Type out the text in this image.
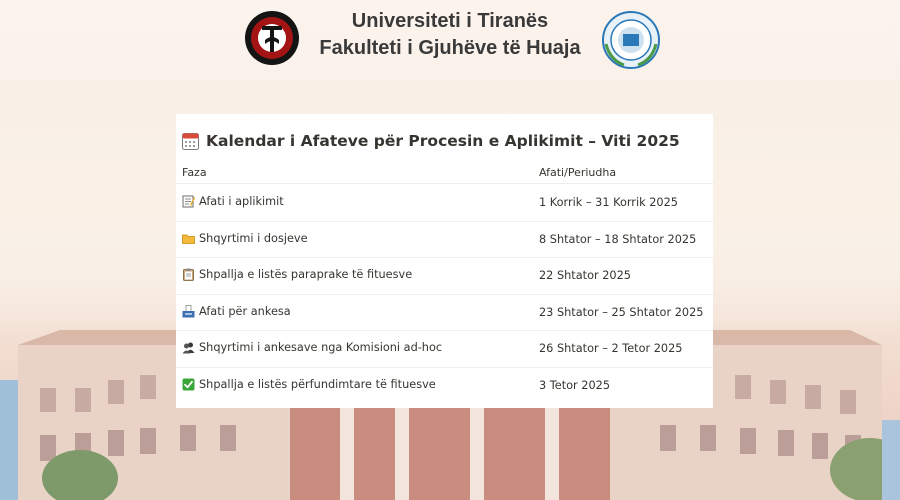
Universiteti i Tiranës
Fakulteti i Gjuhëve të Huaja
Kalendar i Afateve për Procesin e Aplikimit – Viti 2025
Faza	Afati/Periudha
Afati i aplikimit	1 Korrik – 31 Korrik 2025
Shqyrtimi i dosjeve	8 Shtator – 18 Shtator 2025
Shpallja e listës paraprake të fituesve	22 Shtator 2025
Afati për ankesa	23 Shtator – 25 Shtator 2025
Shqyrtimi i ankesave nga Komisioni ad-hoc	26 Shtator – 2 Tetor 2025
Shpallja e listës përfundimtare të fituesve	3 Tetor 2025
